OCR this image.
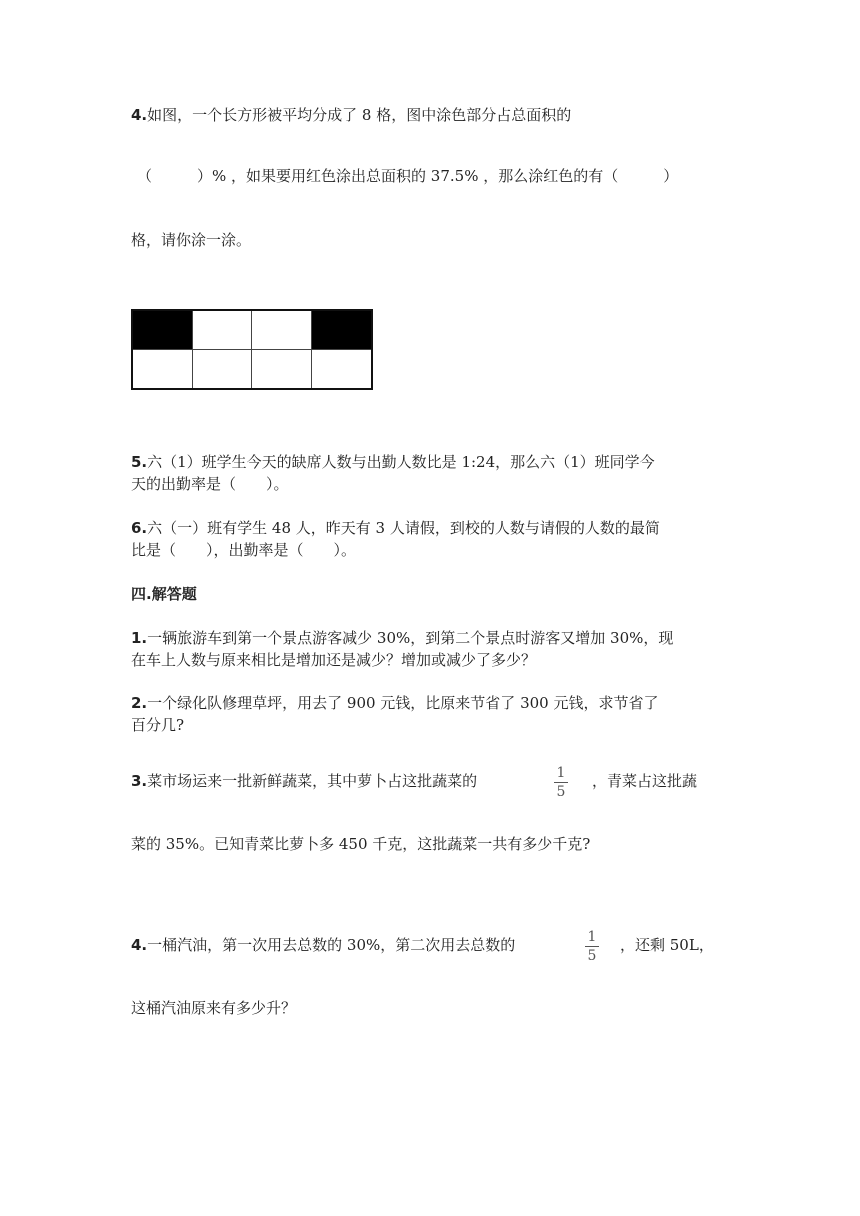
4.如图，一个长方形被平均分成了 8 格，图中涂色部分占总面积的
（　　　）% ，如果要用红色涂出总面积的 37.5% ，那么涂红色的有（　　　）
格，请你涂一涂。
5.六（1）班学生今天的缺席人数与出勤人数比是 1:24，那么六（1）班同学今
天的出勤率是（　　）。
6.六（一）班有学生 48 人，昨天有 3 人请假，到校的人数与请假的人数的最简
比是（　　），出勤率是（　　）。
四.解答题
1.一辆旅游车到第一个景点游客减少 30%，到第二个景点时游客又增加 30%，现
在车上人数与原来相比是增加还是减少？增加或减少了多少？
2.一个绿化队修理草坪，用去了 900 元钱，比原来节省了 300 元钱，求节省了
百分几?
3.菜市场运来一批新鲜蔬菜，其中萝卜占这批蔬菜的	1
5
，青菜占这批蔬
菜的 35%。已知青菜比萝卜多 450 千克，这批蔬菜一共有多少千克?
4.一桶汽油，第一次用去总数的 30%，第二次用去总数的	1
5
，还剩 50L，
这桶汽油原来有多少升？
